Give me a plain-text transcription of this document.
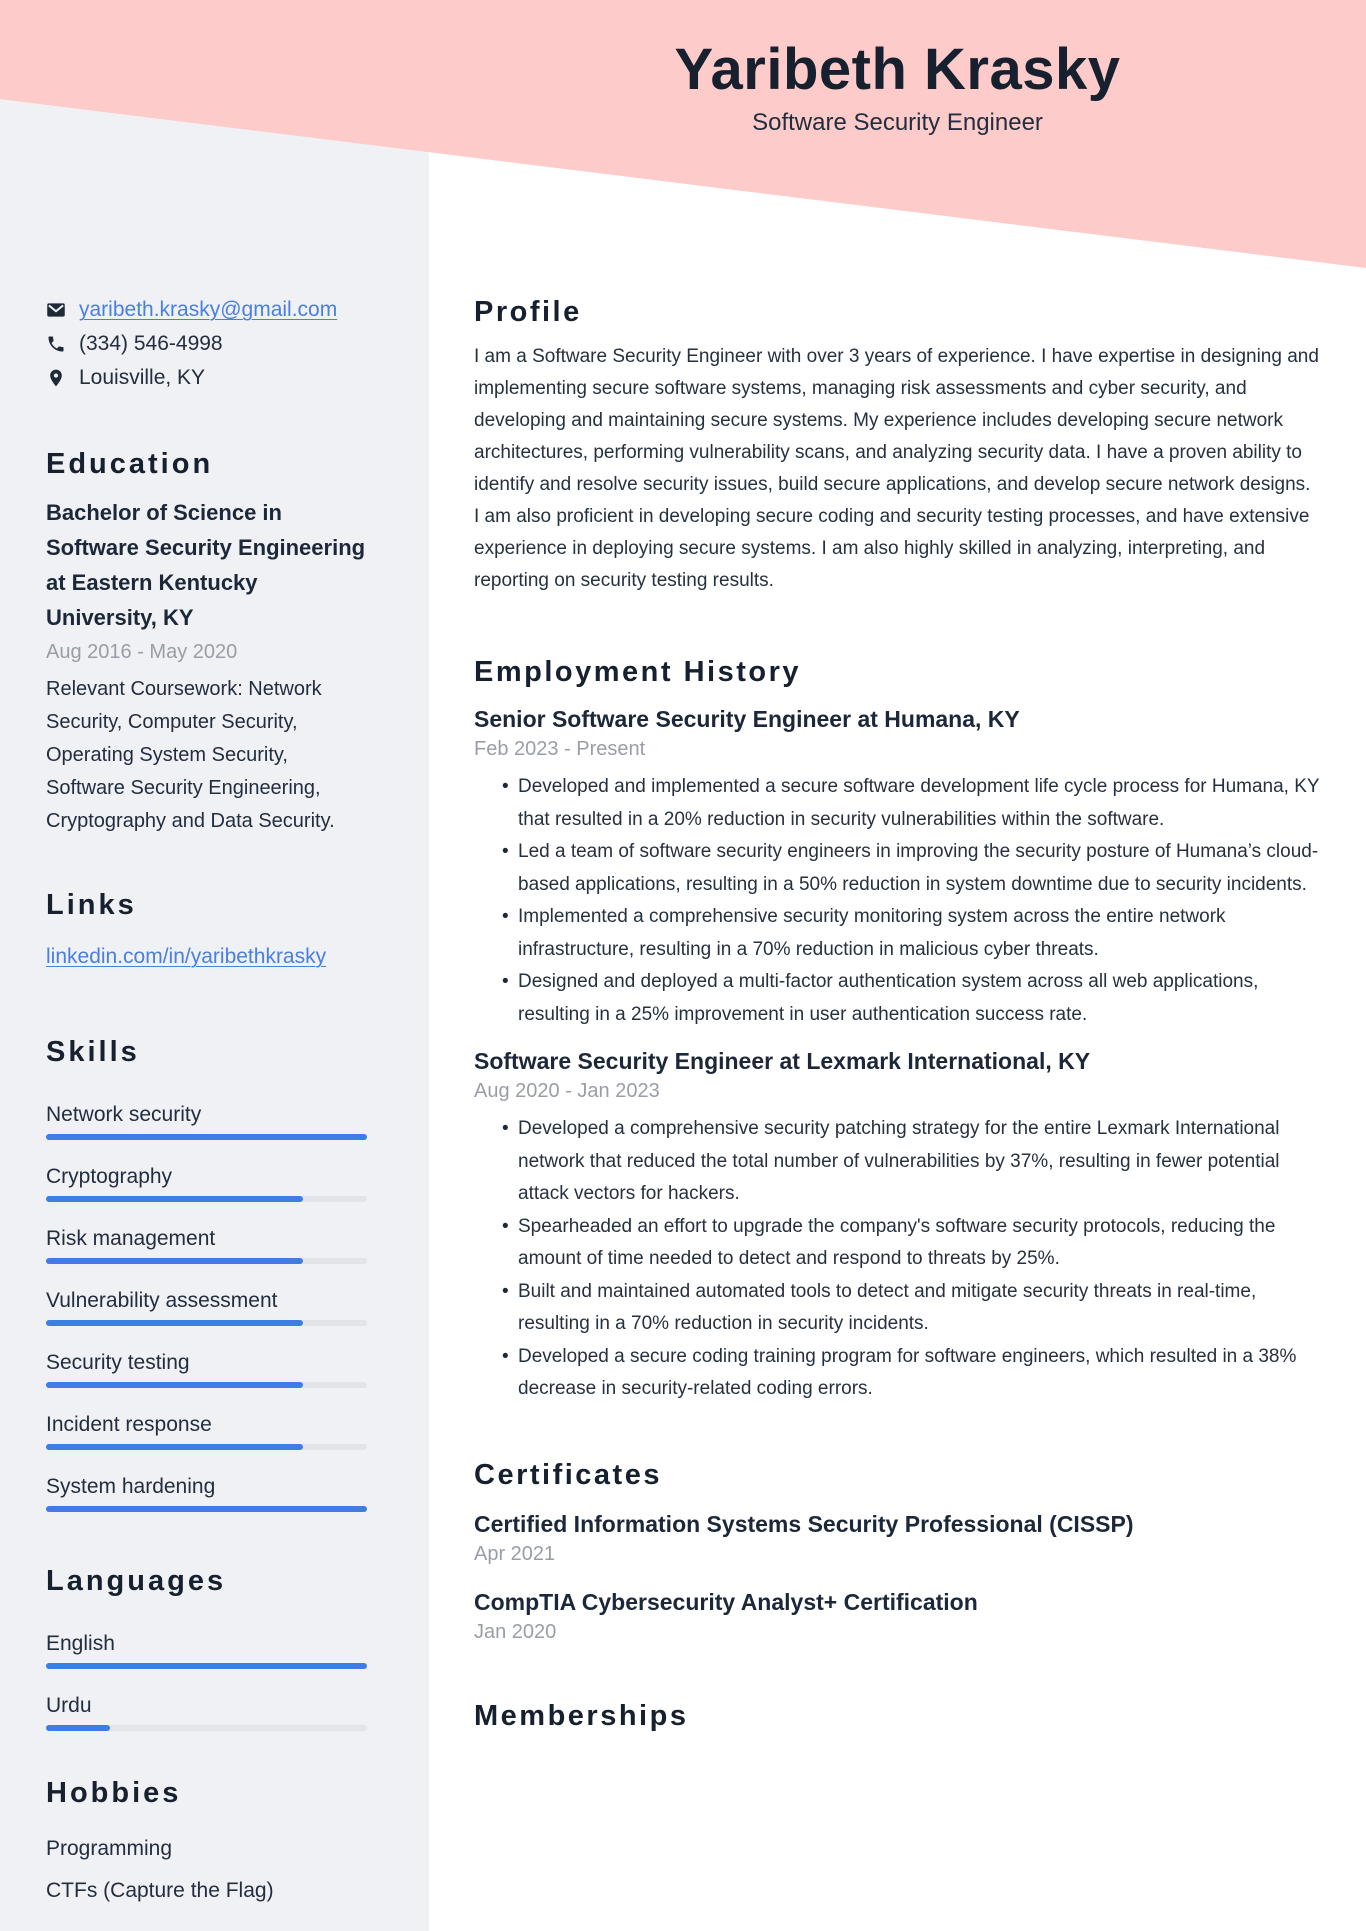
yaribeth.krasky@gmail.com
(334) 546-4998
Louisville, KY
Education
Bachelor of Science in Software Security Engineering at Eastern Kentucky University, KY
Aug 2016 - May 2020
Relevant Coursework: Network Security, Computer Security, Operating System Security, Software Security Engineering, Cryptography and Data Security.
Links
linkedin.com/in/yaribethkrasky
Skills
Network security
Cryptography
Risk management
Vulnerability assessment
Security testing
Incident response
System hardening
Languages
English
Urdu
Hobbies
Programming
CTFs (Capture the Flag)
Yaribeth Krasky
Software Security Engineer
Profile

I am a Software Security Engineer with over 3 years of experience. I have expertise in designing and implementing secure software systems, managing risk assessments and cyber security, and developing and maintaining secure systems. My experience includes developing secure network architectures, performing vulnerability scans, and analyzing security data. I have a proven ability to identify and resolve security issues, build secure applications, and develop secure network designs. I am also proficient in developing secure coding and security testing processes, and have extensive experience in deploying secure systems. I am also highly skilled in analyzing, interpreting, and reporting on security testing results.

Employment History
Senior Software Security Engineer at Humana, KY
Feb 2023 - Present
• Developed and implemented a secure software development life cycle process for Humana, KY that resulted in a 20% reduction in security vulnerabilities within the software.
• Led a team of software security engineers in improving the security posture of Humana’s cloud-based applications, resulting in a 50% reduction in system downtime due to security incidents.
• Implemented a comprehensive security monitoring system across the entire network infrastructure, resulting in a 70% reduction in malicious cyber threats.
• Designed and deployed a multi-factor authentication system across all web applications, resulting in a 25% improvement in user authentication success rate.
Software Security Engineer at Lexmark International, KY
Aug 2020 - Jan 2023
• Developed a comprehensive security patching strategy for the entire Lexmark International network that reduced the total number of vulnerabilities by 37%, resulting in fewer potential attack vectors for hackers.
• Spearheaded an effort to upgrade the company's software security protocols, reducing the amount of time needed to detect and respond to threats by 25%.
• Built and maintained automated tools to detect and mitigate security threats in real-time, resulting in a 70% reduction in security incidents.
• Developed a secure coding training program for software engineers, which resulted in a 38% decrease in security-related coding errors.
Certificates
Certified Information Systems Security Professional (CISSP)
Apr 2021
CompTIA Cybersecurity Analyst+ Certification
Jan 2020
Memberships
